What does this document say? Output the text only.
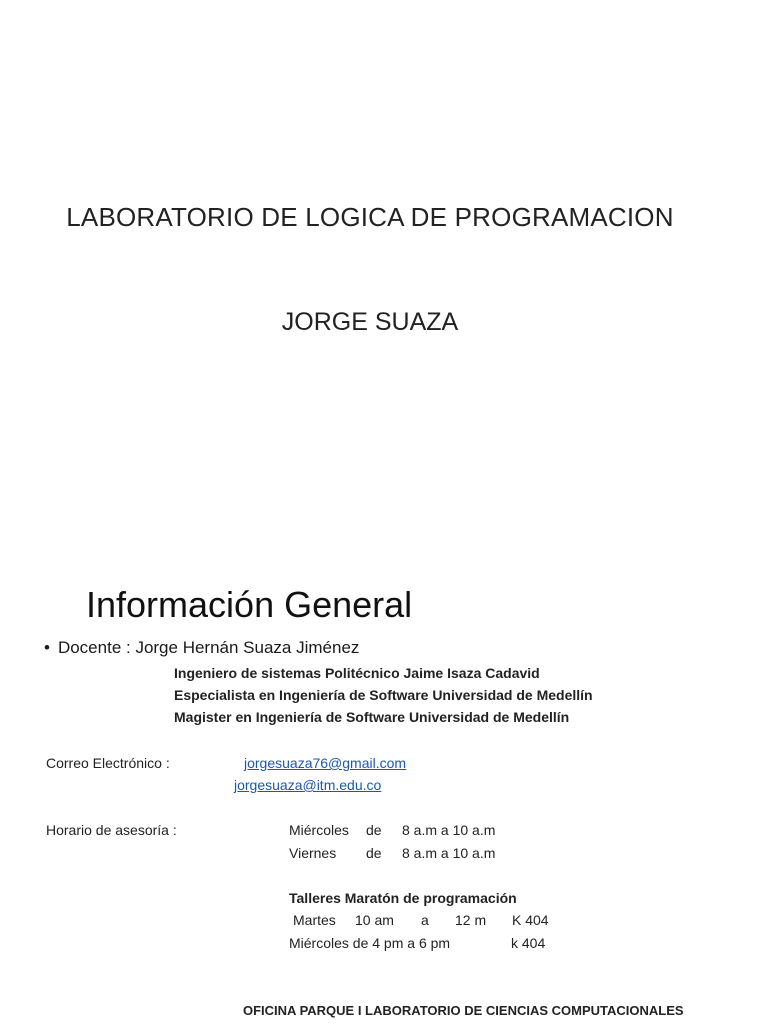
LABORATORIO DE LOGICA DE PROGRAMACION
JORGE SUAZA
Información General
• Docente : Jorge Hernán Suaza Jiménez
Ingeniero de sistemas Politécnico Jaime Isaza Cadavid
Especialista en Ingeniería de Software Universidad de Medellín
Magister en Ingeniería de Software Universidad de Medellín
Correo Electrónico :	jorgesuaza76@gmail.com
jorgesuaza@itm.edu.co
Horario de asesoría :	Miércoles de 8 a.m a 10 a.m
Viernes de 8 a.m a 10 a.m
Talleres Maratón de programación
Martes 10 am a 12 m K 404
Miércoles de 4 pm a 6 pm	k 404
OFICINA PARQUE I LABORATORIO DE CIENCIAS COMPUTACIONALES
